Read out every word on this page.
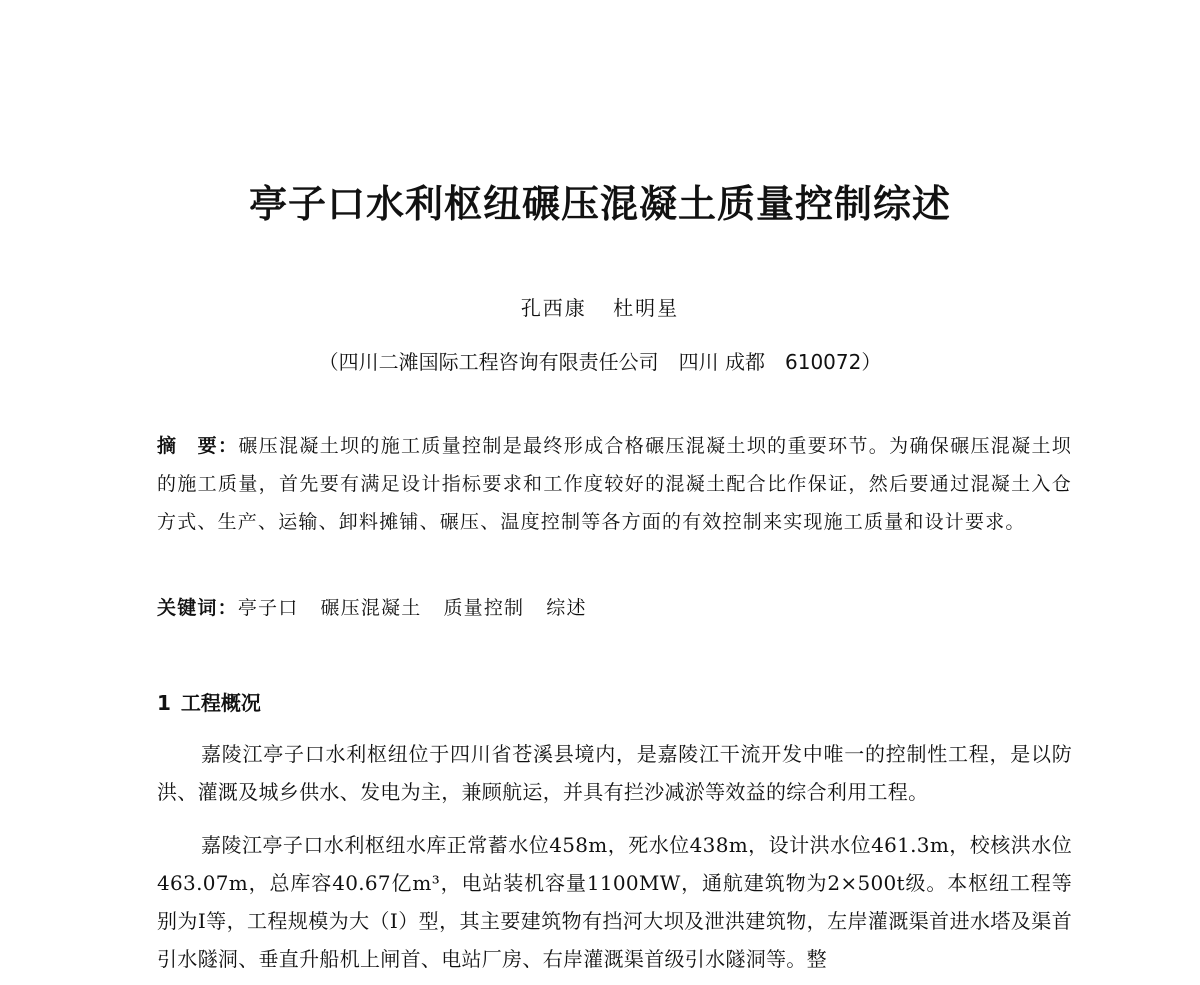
亭子口水利枢纽碾压混凝土质量控制综述
孔西康 杜明星
（四川二滩国际工程咨询有限责任公司　四川 成都　610072）

摘　要：碾压混凝土坝的施工质量控制是最终形成合格碾压混凝土坝的重要环节。为确保碾压混凝土坝的施工质量，首先要有满足设计指标要求和工作度较好的混凝土配合比作保证，然后要通过混凝土入仓方式、生产、运输、卸料摊铺、碾压、温度控制等各方面的有效控制来实现施工质量和设计要求。

关键词：亭子口 碾压混凝土 质量控制 综述
1 工程概况

嘉陵江亭子口水利枢纽位于四川省苍溪县境内，是嘉陵江干流开发中唯一的控制性工程，是以防洪、灌溉及城乡供水、发电为主，兼顾航运，并具有拦沙减淤等效益的综合利用工程。

嘉陵江亭子口水利枢纽水库正常蓄水位458m，死水位438m，设计洪水位461.3m，校核洪水位463.07m，总库容40.67亿m³，电站装机容量1100MW，通航建筑物为2×500t级。本枢纽工程等别为Ⅰ等，工程规模为大（Ⅰ）型，其主要建筑物有挡河大坝及泄洪建筑物，左岸灌溉渠首进水塔及渠首引水隧洞、垂直升船机上闸首、电站厂房、右岸灌溉渠首级引水隧洞等。整
